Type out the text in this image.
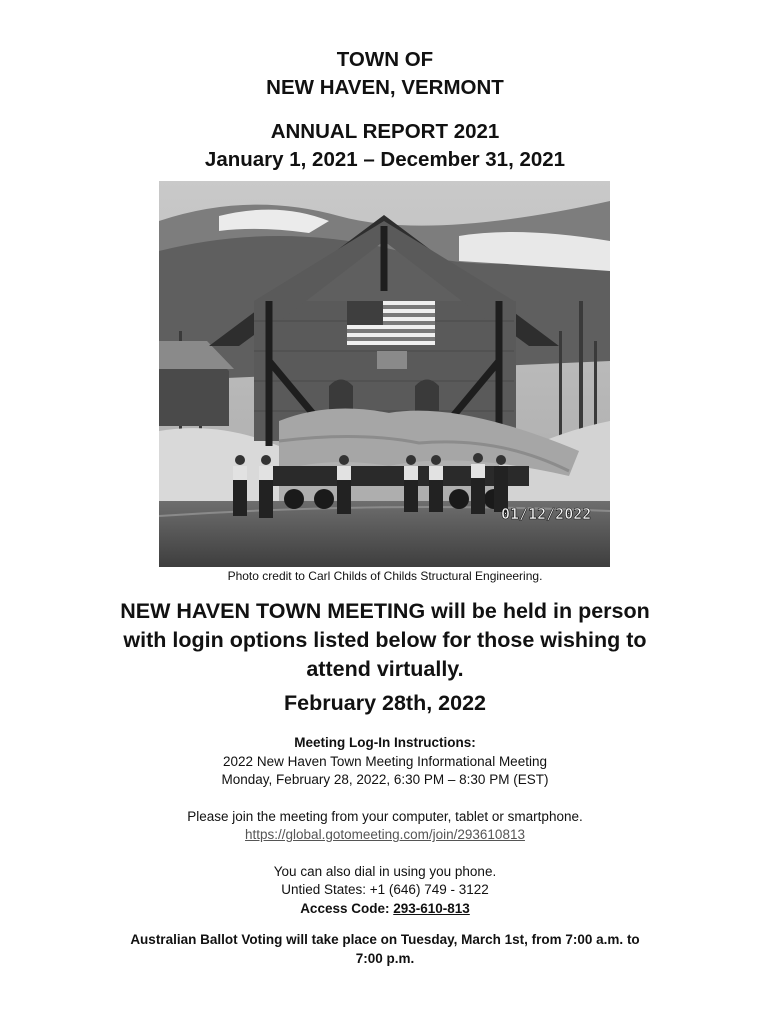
TOWN OF
NEW HAVEN, VERMONT
ANNUAL REPORT 2021
January 1, 2021 – December 31, 2021
01/12/2022
Photo credit to Carl Childs of Childs Structural Engineering.
NEW HAVEN TOWN MEETING will be held in person with login options listed below for those wishing to attend virtually.
February 28th, 2022
Meeting Log-In Instructions:
2022 New Haven Town Meeting Informational Meeting
Monday, February 28, 2022, 6:30 PM – 8:30 PM (EST)
Please join the meeting from your computer, tablet or smartphone.
https://global.gotomeeting.com/join/293610813
You can also dial in using you phone.
Untied States: +1 (646) 749 - 3122
Access Code: 293-610-813
Australian Ballot Voting will take place on Tuesday, March 1st, from 7:00 a.m. to 7:00 p.m.
